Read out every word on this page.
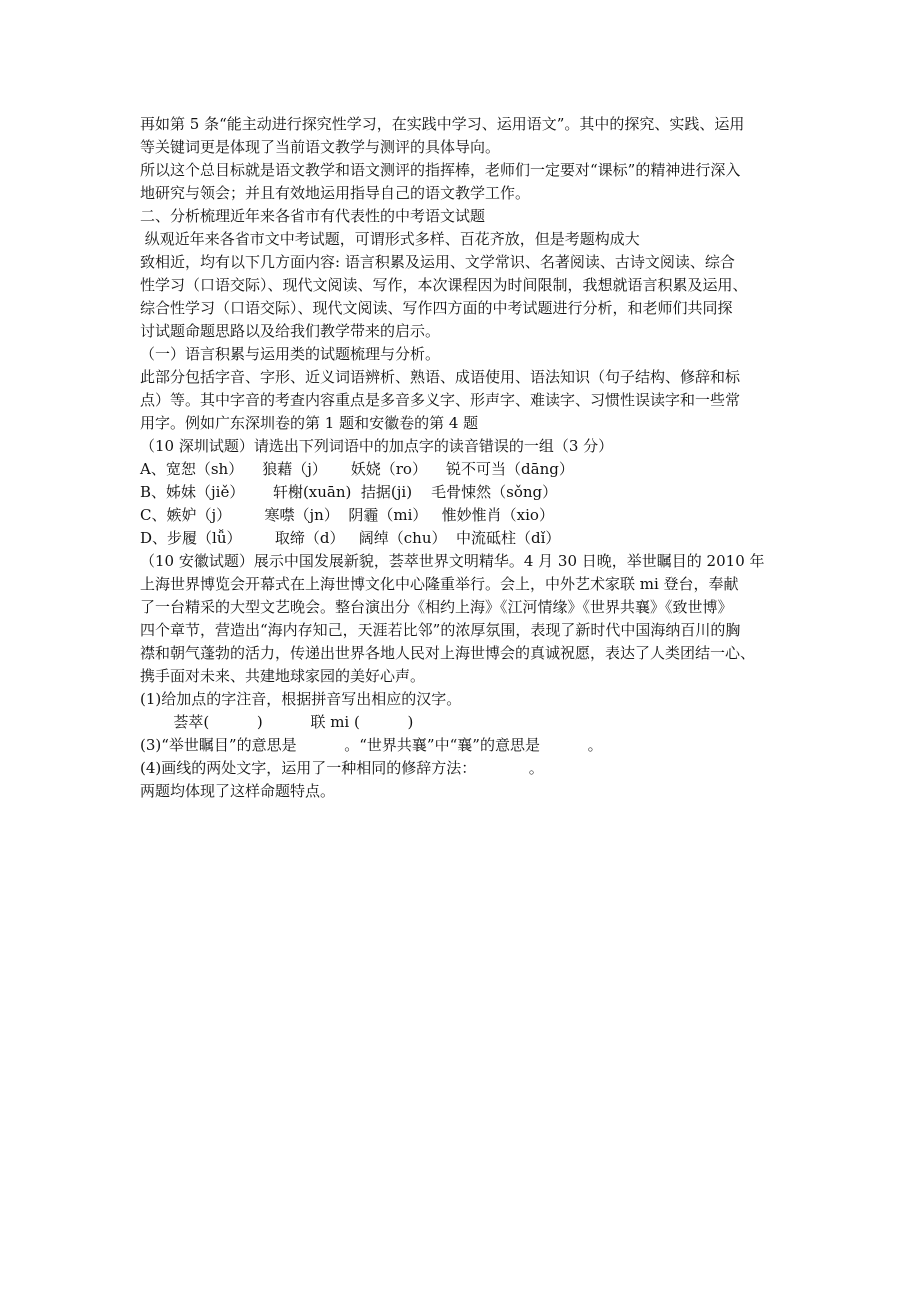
再如第 5 条“能主动进行探究性学习，在实践中学习、运用语文”。其中的探究、实践、运用
等关键词更是体现了当前语文教学与测评的具体导向。
所以这个总目标就是语文教学和语文测评的指挥棒，老师们一定要对“课标”的精神进行深入
地研究与领会；并且有效地运用指导自己的语文教学工作。
二、分析梳理近年来各省市有代表性的中考语文试题
纵观近年来各省市文中考试题，可谓形式多样、百花齐放，但是考题构成大
致相近，均有以下几方面内容: 语言积累及运用、文学常识、名著阅读、古诗文阅读、综合
性学习（口语交际）、现代文阅读、写作，本次课程因为时间限制，我想就语言积累及运用、
综合性学习（口语交际）、现代文阅读、写作四方面的中考试题进行分析，和老师们共同探
讨试题命题思路以及给我们教学带来的启示。
（一）语言积累与运用类的试题梳理与分析。
此部分包括字音、字形、近义词语辨析、熟语、成语使用、语法知识（句子结构、修辞和标
点）等。其中字音的考查内容重点是多音多义字、形声字、难读字、习惯性误读字和一些常
用字。例如广东深圳卷的第 1 题和安徽卷的第 4 题
（10 深圳试题）请选出下列词语中的加点字的读音错误的一组（3 分）
A、宽恕（sh）    狼藉（j）     妖娆（ro）    锐不可当（dāng）
B、姊妹（jiě）      轩榭(xuān)  拮据(ji)    毛骨悚然（sǒng）
C、嫉妒（j）       寒噤（jn）  阴霾（mi）   惟妙惟肖（xio）
D、步履（lǚ）       取缔（d）   阔绰（chu）  中流砥柱（dǐ）
（10 安徽试题）展示中国发展新貌，荟萃世界文明精华。4 月 30 日晚，举世瞩目的 2010 年
上海世界博览会开幕式在上海世博文化中心隆重举行。会上，中外艺术家联 mi 登台，奉献
了一台精采的大型文艺晚会。整台演出分《相约上海》《江河情缘》《世界共襄》《致世博》
四个章节，营造出“海内存知己，天涯若比邻”的浓厚氛围，表现了新时代中国海纳百川的胸
襟和朝气蓬勃的活力，传递出世界各地人民对上海世博会的真诚祝愿，表达了人类团结一心、
携手面对未来、共建地球家园的美好心声。
(1)给加点的字注音，根据拼音写出相应的汉字。
荟萃(          )          联 mi (          )
(3)“举世瞩目”的意思是          。“世界共襄”中“襄”的意思是          。
(4)画线的两处文字，运用了一种相同的修辞方法：           。
两题均体现了这样命题特点。
